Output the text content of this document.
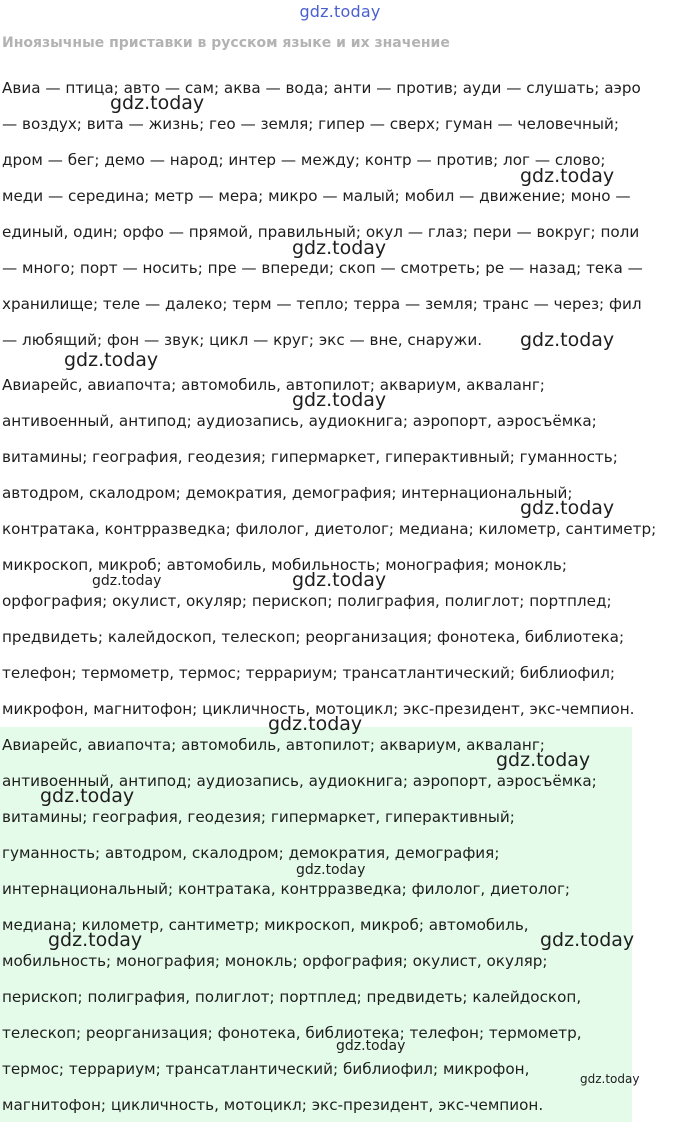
gdz.today
Иноязычные приставки в русском языке и их значение
Авиа — птица; авто — сам; аква — вода; анти — против; ауди — слушать; аэро
— воздух; вита — жизнь; гео — земля; гипер — сверх; гуман — человечный;
дром — бег; демо — народ; интер — между; контр — против; лог — слово;
меди — середина; метр — мера; микро — малый; мобил — движение; моно —
единый, один; орфо — прямой, правильный; окул — глаз; пери — вокруг; поли
— много; порт — носить; пре — впереди; скоп — смотреть; ре — назад; тека —
хранилище; теле — далеко; терм — тепло; терра — земля; транс — через; фил
— любящий; фон — звук; цикл — круг; экс — вне, снаружи.
Авиарейс, авиапочта; автомобиль, автопилот; аквариум, акваланг;
антивоенный, антипод; аудиозапись, аудиокнига; аэропорт, аэросъёмка;
витамины; география, геодезия; гипермаркет, гиперактивный; гуманность;
автодром, скалодром; демократия, демография; интернациональный;
контратака, контрразведка; филолог, диетолог; медиана; километр, сантиметр;
микроскоп, микроб; автомобиль, мобильность; монография; монокль;
орфография; окулист, окуляр; перископ; полиграфия, полиглот; портплед;
предвидеть; калейдоскоп, телескоп; реорганизация; фонотека, библиотека;
телефон; термометр, термос; террариум; трансатлантический; библиофил;
микрофон, магнитофон; цикличность, мотоцикл; экс-президент, экс-чемпион.
Авиарейс, авиапочта; автомобиль, автопилот; аквариум, акваланг;
антивоенный, антипод; аудиозапись, аудиокнига; аэропорт, аэросъёмка;
витамины; география, геодезия; гипермаркет, гиперактивный;
гуманность; автодром, скалодром; демократия, демография;
интернациональный; контратака, контрразведка; филолог, диетолог;
медиана; километр, сантиметр; микроскоп, микроб; автомобиль,
мобильность; монография; монокль; орфография; окулист, окуляр;
перископ; полиграфия, полиглот; портплед; предвидеть; калейдоскоп,
телескоп; реорганизация; фонотека, библиотека; телефон; термометр,
термос; террариум; трансатлантический; библиофил; микрофон,
магнитофон; цикличность, мотоцикл; экс-президент, экс-чемпион.
gdz.today
gdz.today
gdz.today
gdz.today
gdz.today
gdz.today
gdz.today
gdz.today	gdz.today
gdz.today
gdz.today
gdz.today
gdz.today
gdz.today	gdz.today
gdz.today
gdz.today
